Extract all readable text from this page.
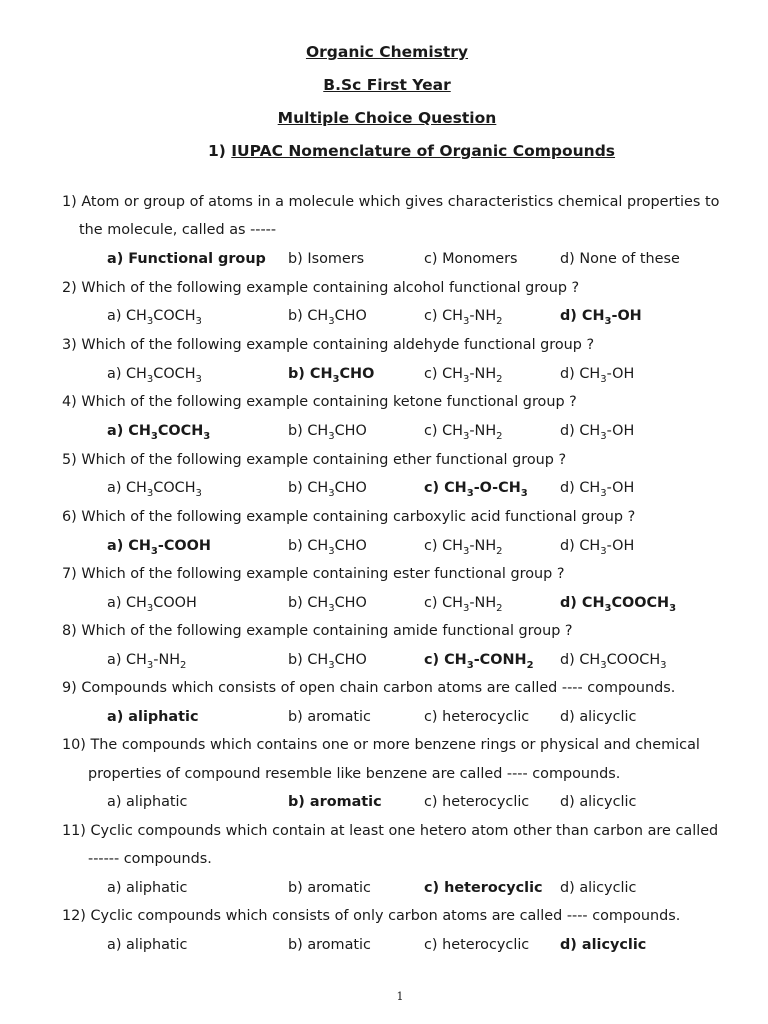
Organic Chemistry
B.Sc First Year
Multiple Choice Question
1) IUPAC Nomenclature of Organic Compounds
1) Atom or group of atoms in a molecule which gives characteristics chemical properties to
the molecule, called as -----
a) Functional group b) Isomers	c) Monomers	d) None of these
2) Which of the following example containing alcohol functional group ?
a) $CH_3COCH_3$	b) $CH_3CHO$	c) $CH_3-NH_2$	d) $CH_3-OH$
3) Which of the following example containing aldehyde functional group ?
a) $CH_3COCH_3$	b) $CH_3CHO$	c) $CH_3-NH_2$	d) $CH_3-OH$
4) Which of the following example containing ketone functional group ?
a) $CH_3COCH_3$	b) $CH_3CHO$	c) $CH_3-NH_2$	d) $CH_3-OH$
5) Which of the following example containing ether functional group ?
a) $CH_3COCH_3$	b) $CH_3CHO$	c) $CH_3-O-CH_3$ d) $CH_3-OH$
6) Which of the following example containing carboxylic acid functional group ?
a) $CH_3$-COOH	b) $CH_3CHO$	c) $CH_3-NH_2$	d) $CH_3-OH$
7) Which of the following example containing ester functional group ?
a) $CH_3COOH$	b) $CH_3CHO$	c) $CH_3-NH_2$	d) $CH_3COOCH_3$
8) Which of the following example containing amide functional group ?
a) $CH_3-NH_2$	b) $CH_3CHO$	c) $CH_3-CONH_2$ d) $CH_3COOCH_3$
9) Compounds which consists of open chain carbon atoms are called ---- compounds.
a) aliphatic	b) aromatic	c) heterocyclic d) alicyclic
10) The compounds which contains one or more benzene rings or physical and chemical
properties of compound resemble like benzene are called ---- compounds.
a) aliphatic	b) aromatic	c) heterocyclic d) alicyclic
11) Cyclic compounds which contain at least one hetero atom other than carbon are called
------ compounds.
a) aliphatic	b) aromatic	c) heterocyclic d) alicyclic
12) Cyclic compounds which consists of only carbon atoms are called ---- compounds.
a) aliphatic	b) aromatic	c) heterocyclic d) alicyclic
1
